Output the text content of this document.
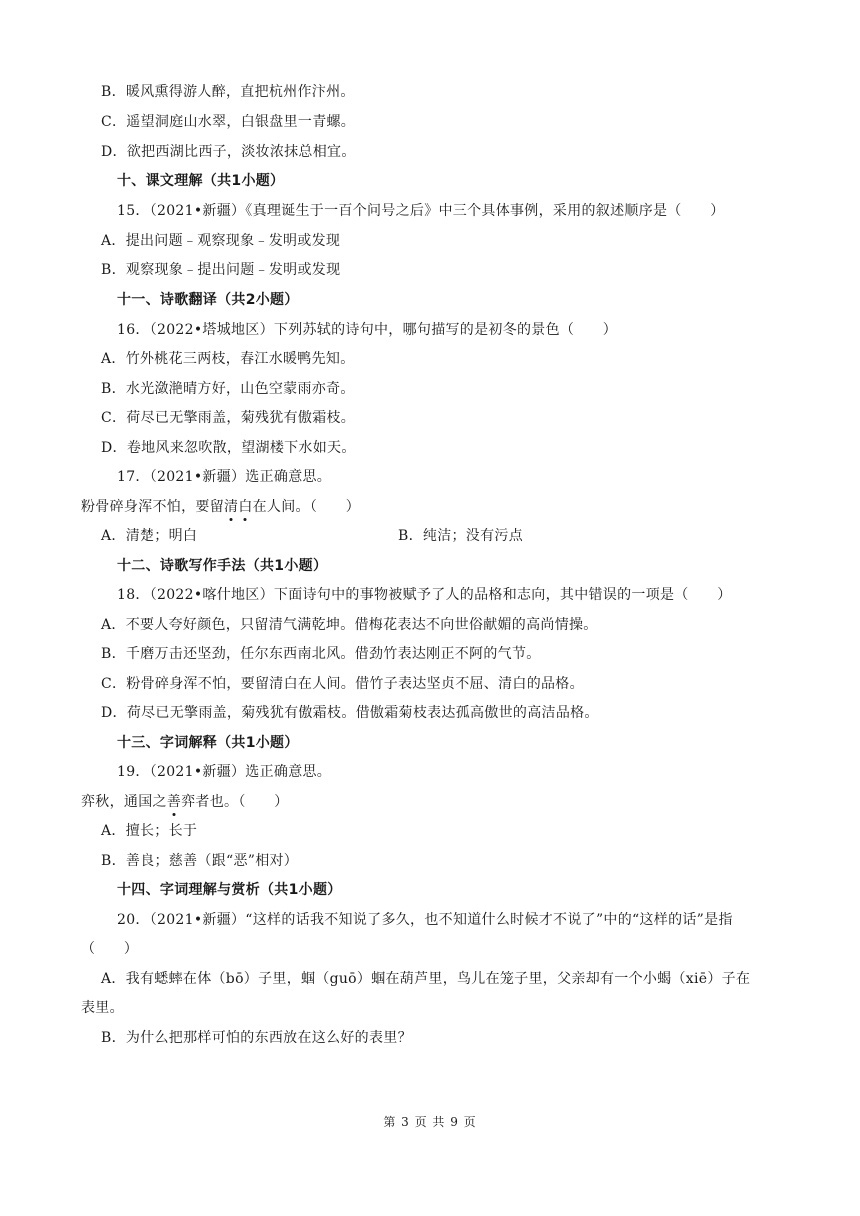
B．暖风熏得游人醉，直把杭州作汴州。
C．遥望洞庭山水翠，白银盘里一青螺。
D．欲把西湖比西子，淡妆浓抹总相宜。
十、课文理解（共1小题）
15．（2021•新疆）《真理诞生于一百个问号之后》中三个具体事例，采用的叙述顺序是（　　）
A．提出问题﹣观察现象﹣发明或发现
B．观察现象﹣提出问题﹣发明或发现
十一、诗歌翻译（共2小题）
16．（2022•塔城地区）下列苏轼的诗句中，哪句描写的是初冬的景色（　　）
A．竹外桃花三两枝，春江水暖鸭先知。
B．水光潋滟晴方好，山色空蒙雨亦奇。
C．荷尽已无擎雨盖，菊残犹有傲霜枝。
D．卷地风来忽吹散，望湖楼下水如天。
17．（2021•新疆）选正确意思。
粉骨碎身浑不怕，要留清白在人间。（　　）
A．清楚；明白	B．纯洁；没有污点
十二、诗歌写作手法（共1小题）
18．（2022•喀什地区）下面诗句中的事物被赋予了人的品格和志向，其中错误的一项是（　　）
A．不要人夸好颜色，只留清气满乾坤。借梅花表达不向世俗献媚的高尚情操。
B．千磨万击还坚劲，任尔东西南北风。借劲竹表达刚正不阿的气节。
C．粉骨碎身浑不怕，要留清白在人间。借竹子表达坚贞不屈、清白的品格。
D．荷尽已无擎雨盖，菊残犹有傲霜枝。借傲霜菊枝表达孤高傲世的高洁品格。
十三、字词解释（共1小题）
19．（2021•新疆）选正确意思。
弈秋，通国之善弈者也。（　　）
A．擅长；长于
B．善良；慈善（跟“恶”相对）
十四、字词理解与赏析（共1小题）
20．（2021•新疆）“这样的话我不知说了多久，也不知道什么时候才不说了”中的“这样的话”是指
（　　）
A．我有蟋蟀在体（bō）子里，蝈（guō）蝈在葫芦里，鸟儿在笼子里，父亲却有一个小蝎（xiē）子在
表里。
B．为什么把那样可怕的东西放在这么好的表里？
第 3 页 共 9 页
